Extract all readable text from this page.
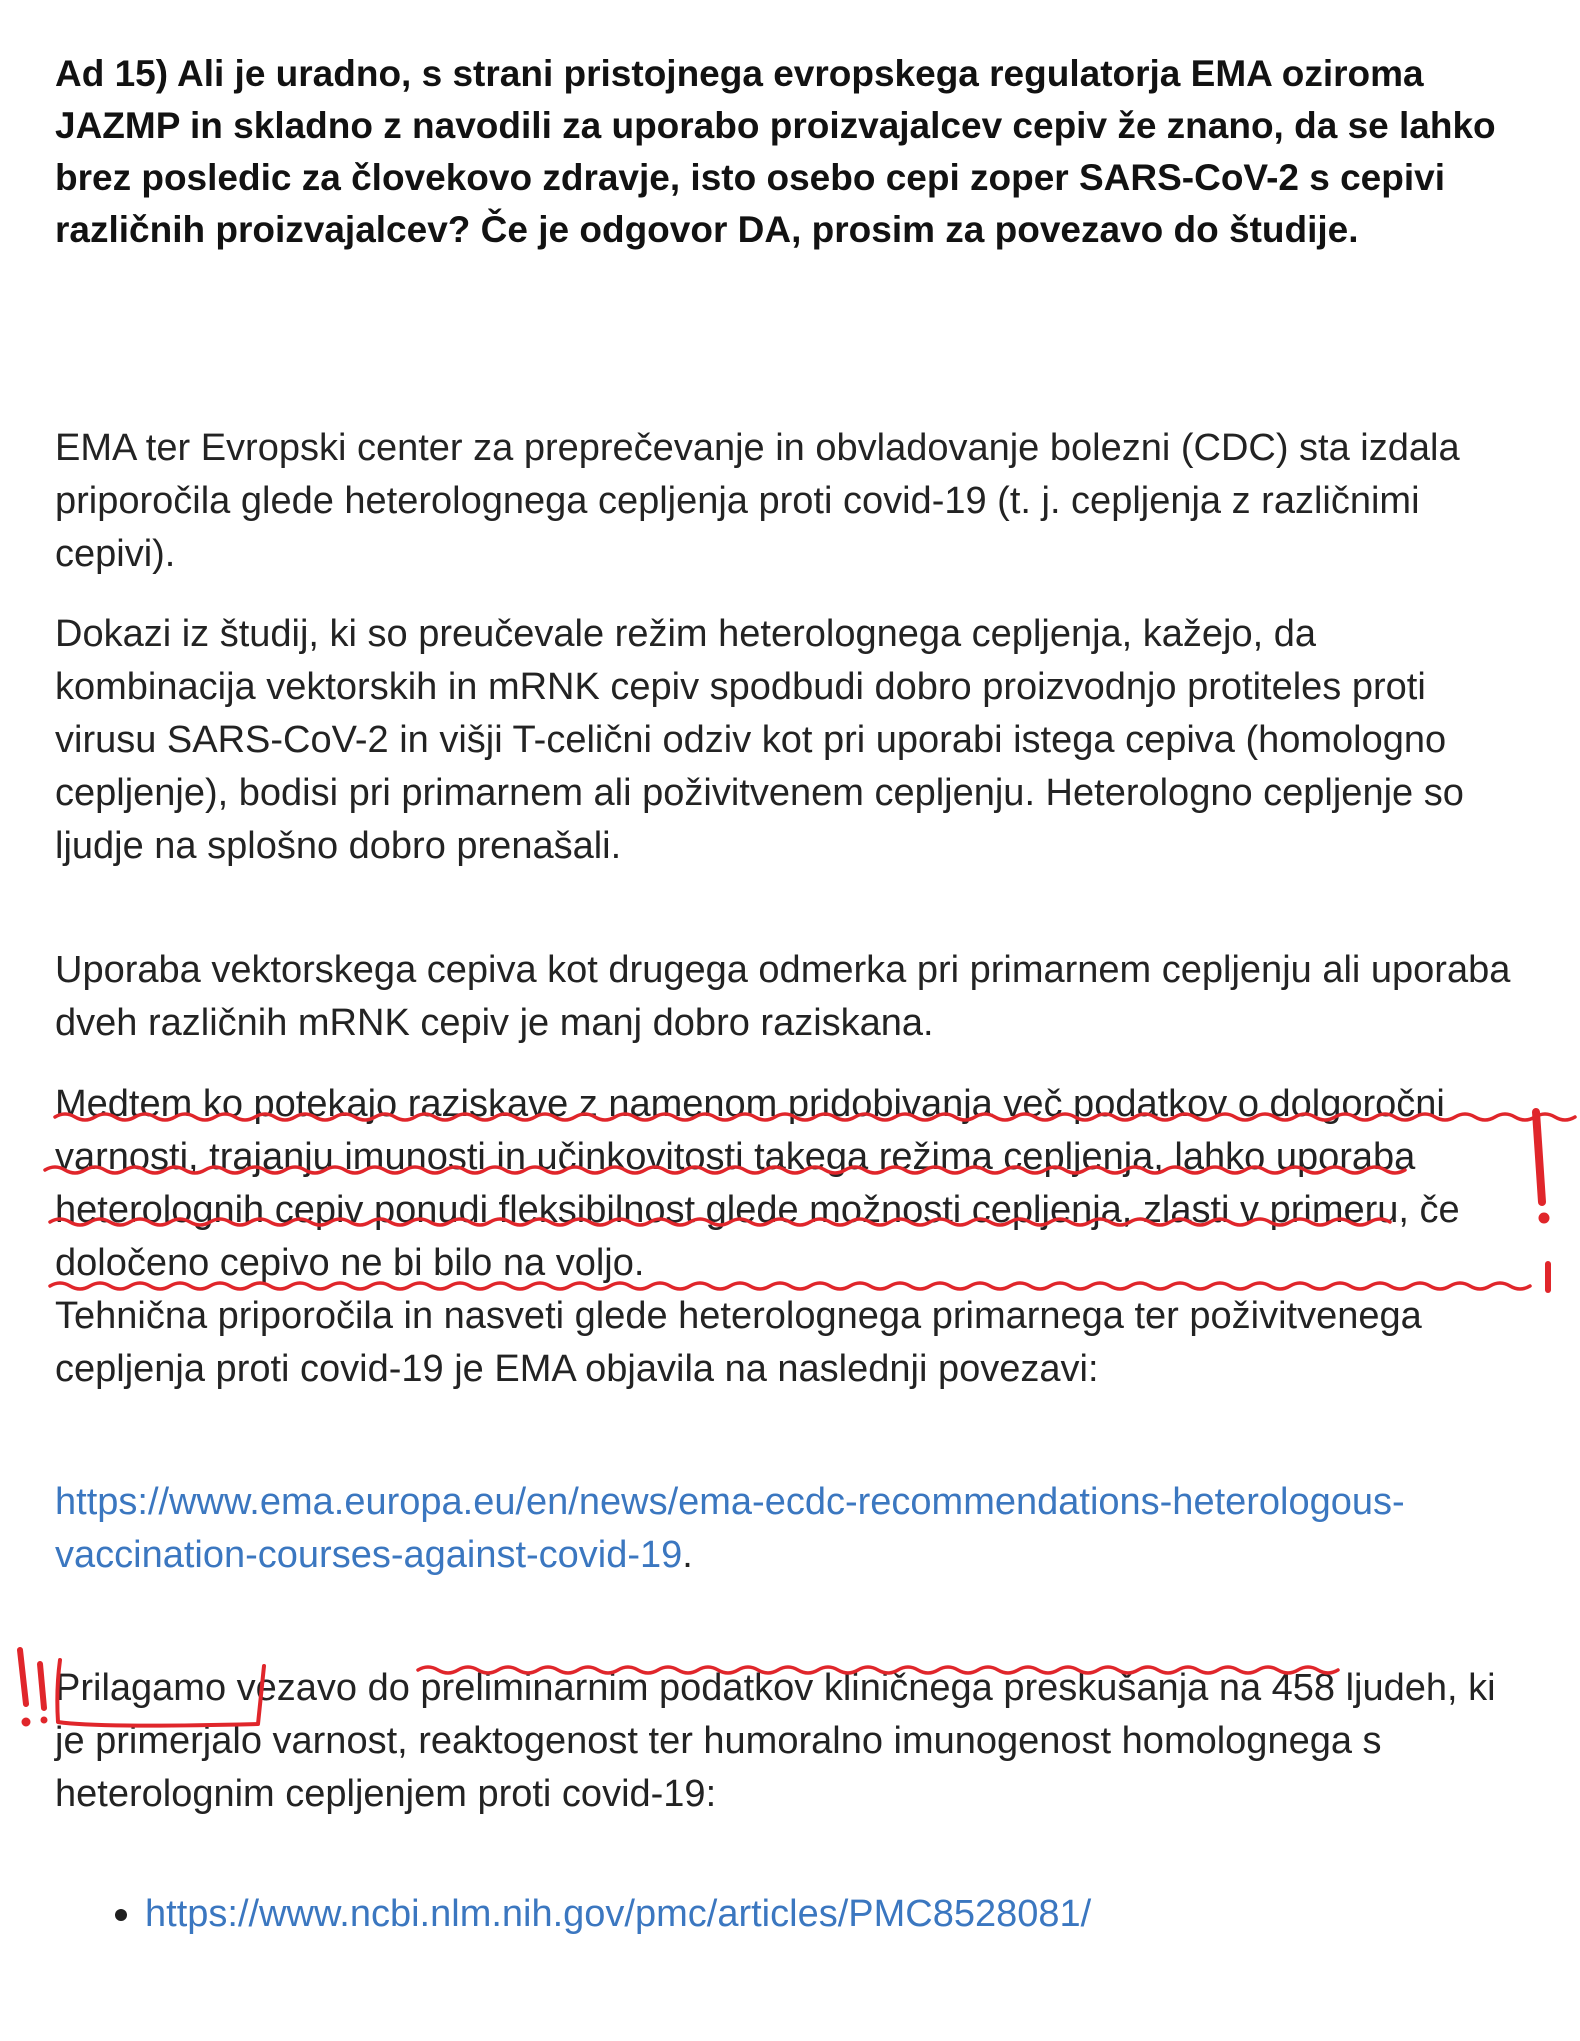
Ad 15) Ali je uradno, s strani pristojnega evropskega regulatorja EMA oziroma JAZMP in skladno z navodili za uporabo proizvajalcev cepiv že znano, da se lahko brez posledic za človekovo zdravje, isto osebo cepi zoper SARS-CoV-2 s cepivi različnih proizvajalcev? Če je odgovor DA, prosim za povezavo do študije.

EMA ter Evropski center za preprečevanje in obvladovanje bolezni (CDC) sta izdala priporočila glede heterolognega cepljenja proti covid-19 (t. j. cepljenja z različnimi cepivi).

Dokazi iz študij, ki so preučevale režim heterolognega cepljenja, kažejo, da kombinacija vektorskih in mRNK cepiv spodbudi dobro proizvodnjo protiteles proti virusu SARS-CoV-2 in višji T-celični odziv kot pri uporabi istega cepiva (homologno cepljenje), bodisi pri primarnem ali poživitvenem cepljenju. Heterologno cepljenje so ljudje na splošno dobro prenašali.

Uporaba vektorskega cepiva kot drugega odmerka pri primarnem cepljenju ali uporaba dveh različnih mRNK cepiv je manj dobro raziskana.

Medtem ko potekajo raziskave z namenom pridobivanja več podatkov o dolgoročni varnosti, trajanju imunosti in učinkovitosti takega režima cepljenja, lahko uporaba heterolognih cepiv ponudi fleksibilnost glede možnosti cepljenja, zlasti v primeru, če določeno cepivo ne bi bilo na voljo.

Tehnična priporočila in nasveti glede heterolognega primarnega ter poživitvenega cepljenja proti covid-19 je EMA objavila na naslednji povezavi:

https://www.ema.europa.eu/en/news/ema-ecdc-recommendations-heterologous-vaccination-courses-against-covid-19.

Prilagamo vezavo do preliminarnim podatkov kliničnega preskušanja na 458 ljudeh, ki je primerjalo varnost, reaktogenost ter humoralno imunogenost homolognega s heterolognim cepljenjem proti covid-19:

https://www.ncbi.nlm.nih.gov/pmc/articles/PMC8528081/
